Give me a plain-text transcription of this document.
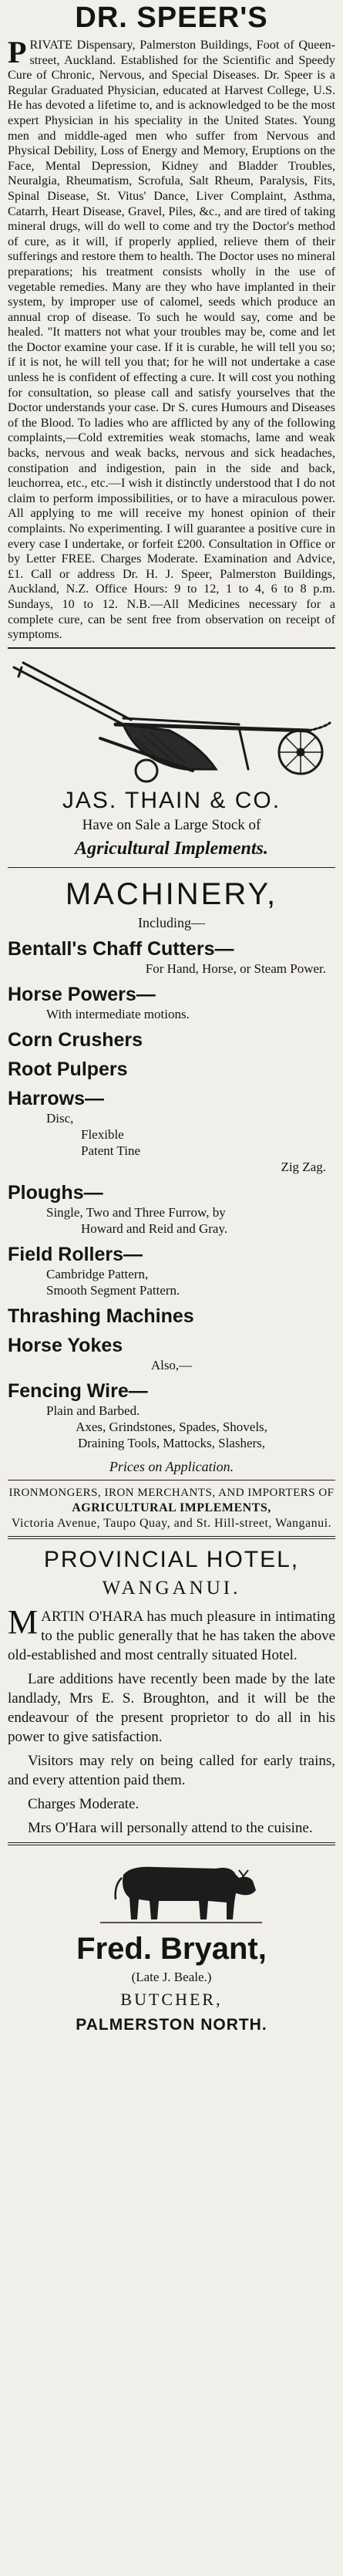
DR. SPEER'S

PRIVATE Dispensary, Palmerston Buildings, Foot of Queen-street, Auckland. Established for the Scientific and Speedy Cure of Chronic, Nervous, and Special Diseases. Dr. Speer is a Regular Graduated Physician, educated at Harvest College, U.S. He has devoted a lifetime to, and is acknowledged to be the most expert Physician in his speciality in the United States. Young men and middle-aged men who suffer from Nervous and Physical Debility, Loss of Energy and Memory, Eruptions on the Face, Mental Depression, Kidney and Bladder Troubles, Neuralgia, Rheumatism, Scrofula, Salt Rheum, Paralysis, Fits, Spinal Disease, St. Vitus' Dance, Liver Complaint, Asthma, Catarrh, Heart Disease, Gravel, Piles, &c., and are tired of taking mineral drugs, will do well to come and try the Doctor's method of cure, as it will, if properly applied, relieve them of their sufferings and restore them to health. The Doctor uses no mineral preparations; his treatment consists wholly in the use of vegetable remedies. Many are they who have implanted in their system, by improper use of calomel, seeds which produce an annual crop of disease. To such he would say, come and be healed. "It matters not what your troubles may be, come and let the Doctor examine your case. If it is curable, he will tell you so; if it is not, he will tell you that; for he will not undertake a case unless he is confident of effecting a cure. It will cost you nothing for consultation, so please call and satisfy yourselves that the Doctor understands your case. Dr S. cures Humours and Diseases of the Blood. To ladies who are afflicted by any of the following complaints,—Cold extremities weak stomachs, lame and weak backs, nervous and weak backs, nervous and sick headaches, constipation and indigestion, pain in the side and back, leuchorrea, etc., etc.—I wish it distinctly understood that I do not claim to perform impossibilities, or to have a miraculous power. All applying to me will receive my honest opinion of their complaints. No experimenting. I will guarantee a positive cure in every case I undertake, or forfeit £200. Consultation in Office or by Letter FREE. Charges Moderate. Examination and Advice, £1. Call or address Dr. H. J. Speer, Palmerston Buildings, Auckland, N.Z. Office Hours: 9 to 12, 1 to 4, 6 to 8 p.m. Sundays, 10 to 12. N.B.—All Medicines necessary for a complete cure, can be sent free from observation on receipt of symptoms.

JAS. THAIN & CO.
Have on Sale a Large Stock of
Agricultural Implements.
MACHINERY,
Including—
Bentall's Chaff Cutters—
For Hand, Horse, or Steam Power.
Horse Powers—
With intermediate motions.
Corn Crushers
Root Pulpers
Harrows—
Disc,
Flexible
Patent Tine
Zig Zag.
Ploughs—
Single, Two and Three Furrow, by
Howard and Reid and Gray.
Field Rollers—
Cambridge Pattern,
Smooth Segment Pattern.
Thrashing Machines
Horse Yokes
Also,—
Fencing Wire—
Plain and Barbed.
Axes, Grindstones, Spades, Shovels,
Draining Tools, Mattocks, Slashers,
Prices on Application.
IRONMONGERS, IRON MERCHANTS, AND IMPORTERS OF
AGRICULTURAL IMPLEMENTS,
Victoria Avenue, Taupo Quay, and St. Hill-street, Wanganui.
PROVINCIAL HOTEL,
WANGANUI.

MARTIN O'HARA has much pleasure in intimating to the public generally that he has taken the above old-established and most centrally situated Hotel.

Lare additions have recently been made by the late landlady, Mrs E. S. Broughton, and it will be the endeavour of the present proprietor to do all in his power to give satisfaction.

Visitors may rely on being called for early trains, and every attention paid them.

Charges Moderate.

Mrs O'Hara will personally attend to the cuisine.

Fred. Bryant,
(Late J. Beale.)
BUTCHER,
PALMERSTON NORTH.
